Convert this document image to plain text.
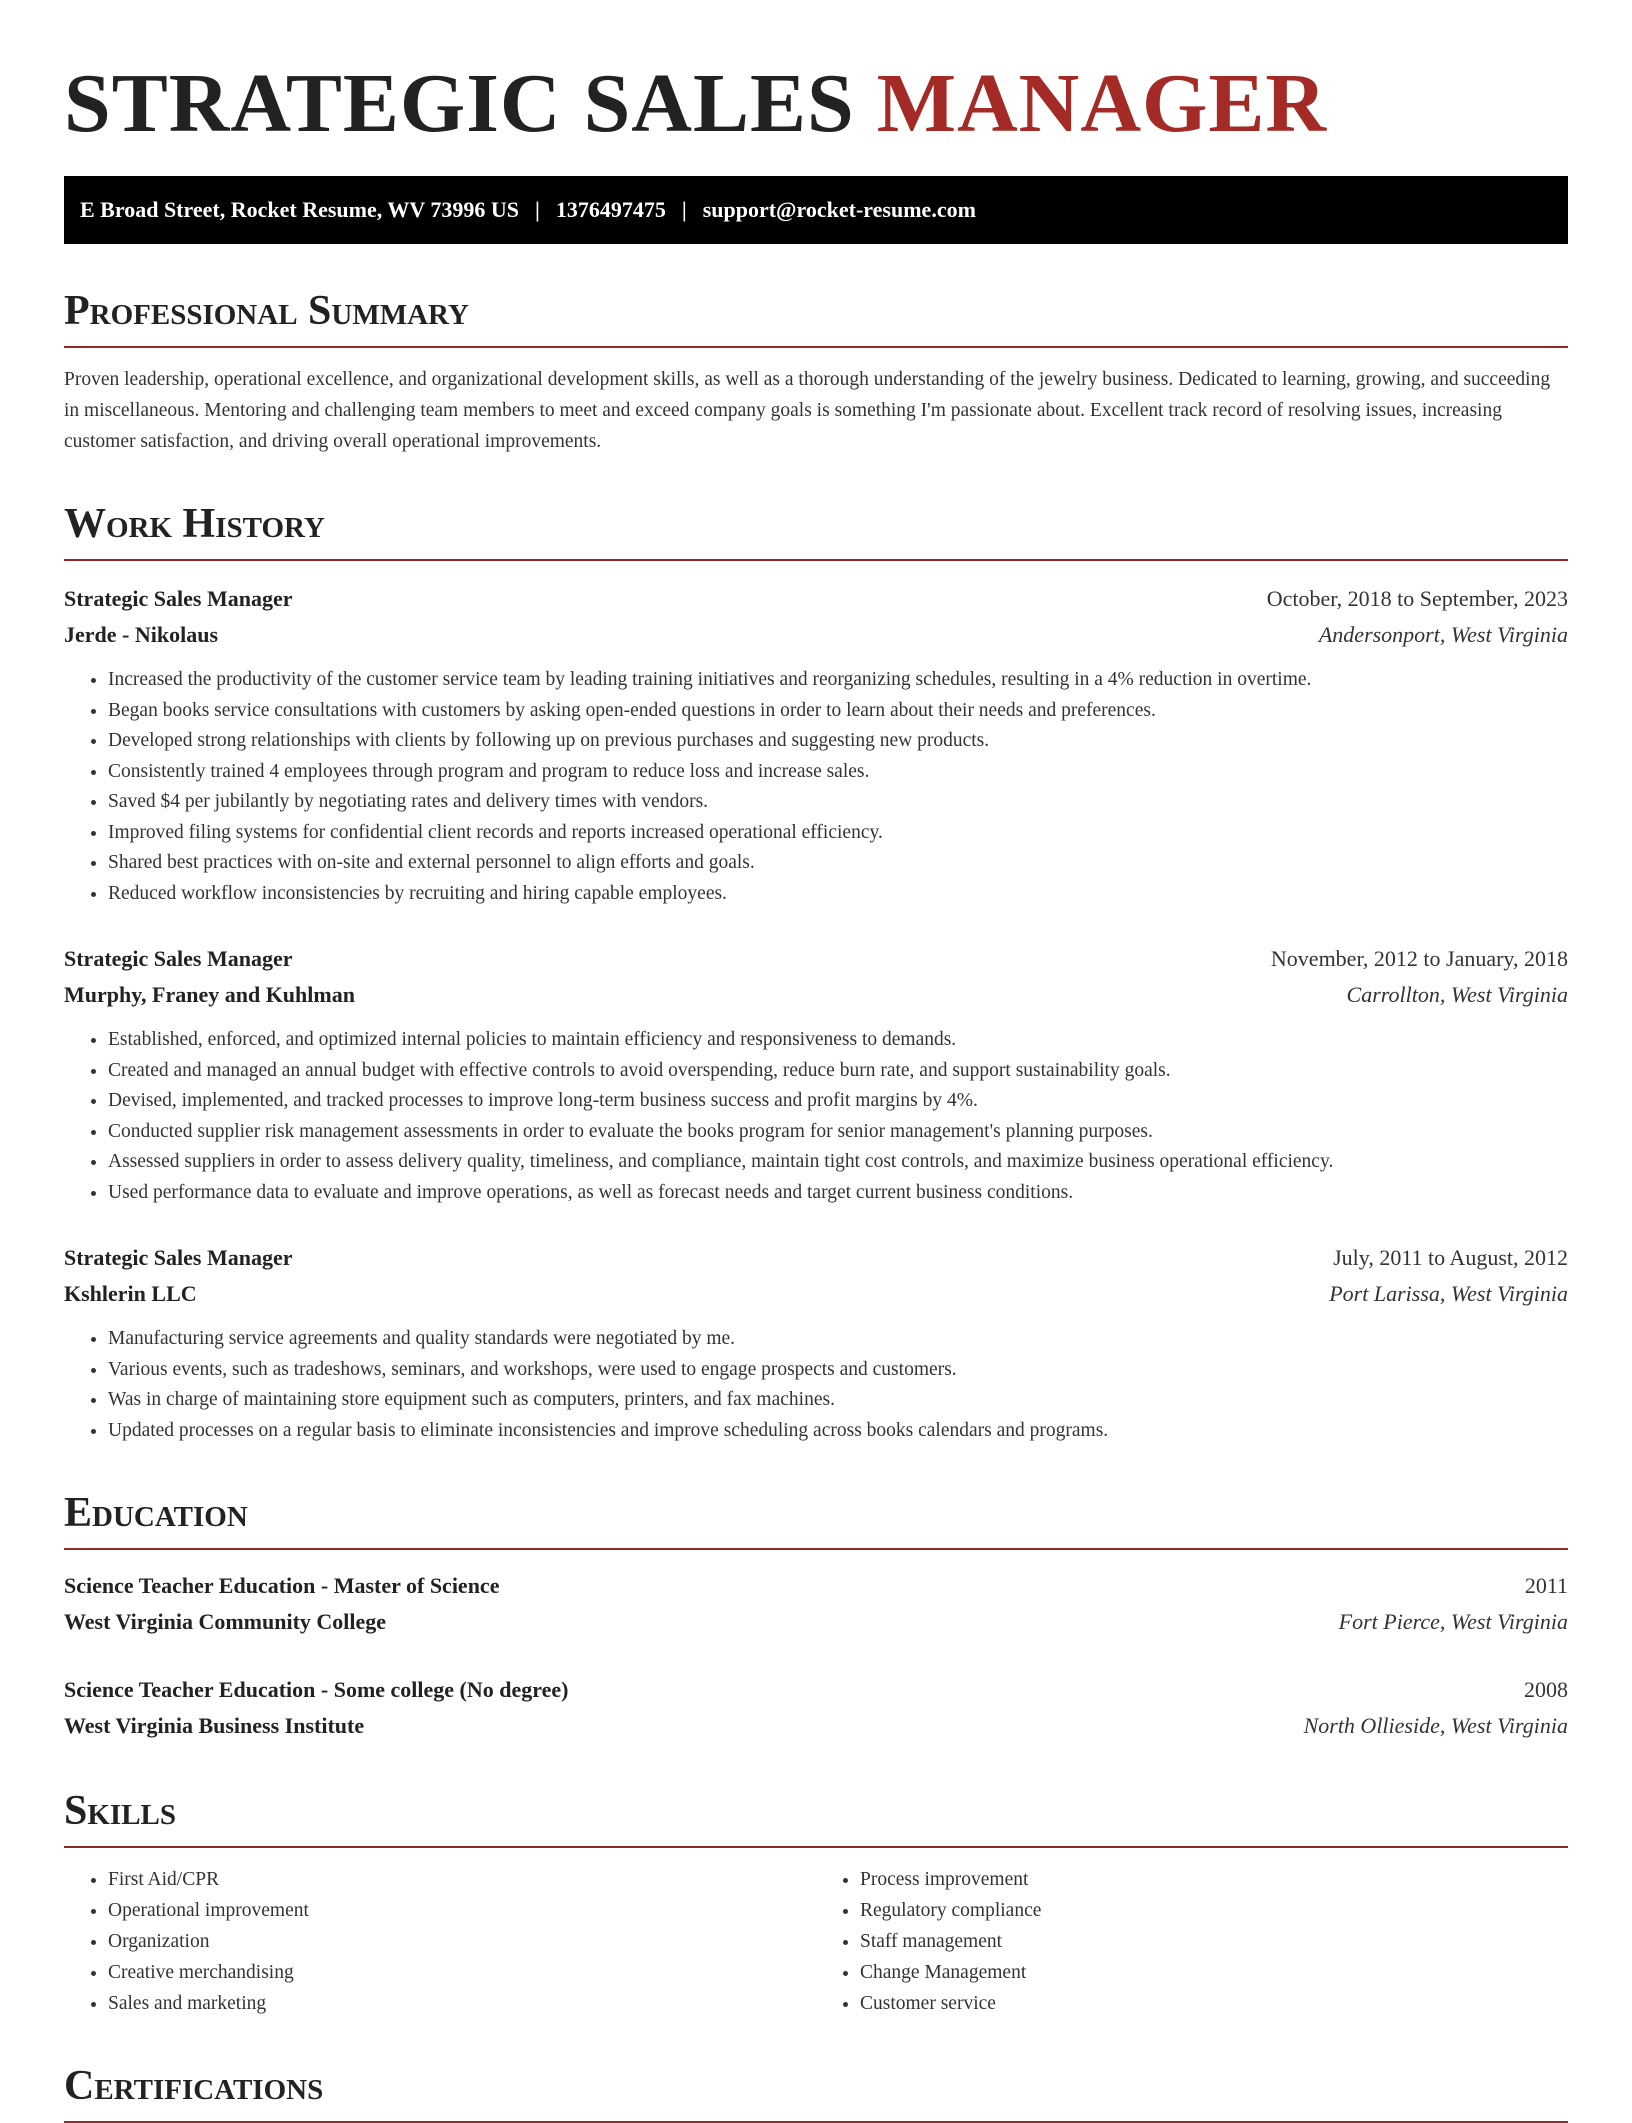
STRATEGIC SALES MANAGER
E Broad Street, Rocket Resume, WV 73996 US | 1376497475 | support@rocket-resume.com
Professional Summary

Proven leadership, operational excellence, and organizational development skills, as well as a thorough understanding of the jewelry business. Dedicated to learning, growing, and succeeding in miscellaneous. Mentoring and challenging team members to meet and exceed company goals is something I'm passionate about. Excellent track record of resolving issues, increasing customer satisfaction, and driving overall operational improvements.

Work History
Strategic Sales Manager	October, 2018 to September, 2023
Jerde - Nikolaus	Andersonport, West Virginia
• Increased the productivity of the customer service team by leading training initiatives and reorganizing schedules, resulting in a 4% reduction in overtime.
• Began books service consultations with customers by asking open-ended questions in order to learn about their needs and preferences.
• Developed strong relationships with clients by following up on previous purchases and suggesting new products.
• Consistently trained 4 employees through program and program to reduce loss and increase sales.
• Saved $4 per jubilantly by negotiating rates and delivery times with vendors.
• Improved filing systems for confidential client records and reports increased operational efficiency.
• Shared best practices with on-site and external personnel to align efforts and goals.
• Reduced workflow inconsistencies by recruiting and hiring capable employees.
Strategic Sales Manager	November, 2012 to January, 2018
Murphy, Franey and Kuhlman	Carrollton, West Virginia
• Established, enforced, and optimized internal policies to maintain efficiency and responsiveness to demands.
• Created and managed an annual budget with effective controls to avoid overspending, reduce burn rate, and support sustainability goals.
• Devised, implemented, and tracked processes to improve long-term business success and profit margins by 4%.
• Conducted supplier risk management assessments in order to evaluate the books program for senior management's planning purposes.
• Assessed suppliers in order to assess delivery quality, timeliness, and compliance, maintain tight cost controls, and maximize business operational efficiency.
• Used performance data to evaluate and improve operations, as well as forecast needs and target current business conditions.
Strategic Sales Manager	July, 2011 to August, 2012
Kshlerin LLC	Port Larissa, West Virginia
• Manufacturing service agreements and quality standards were negotiated by me.
• Various events, such as tradeshows, seminars, and workshops, were used to engage prospects and customers.
• Was in charge of maintaining store equipment such as computers, printers, and fax machines.
• Updated processes on a regular basis to eliminate inconsistencies and improve scheduling across books calendars and programs.
Education
Science Teacher Education - Master of Science	2011
West Virginia Community College	Fort Pierce, West Virginia
Science Teacher Education - Some college (No degree)	2008
West Virginia Business Institute	North Ollieside, West Virginia
Skills
• First Aid/CPR
• Operational improvement
• Organization
• Creative merchandising
• Sales and marketing
• Process improvement
• Regulatory compliance
• Staff management
• Change Management
• Customer service
Certifications
